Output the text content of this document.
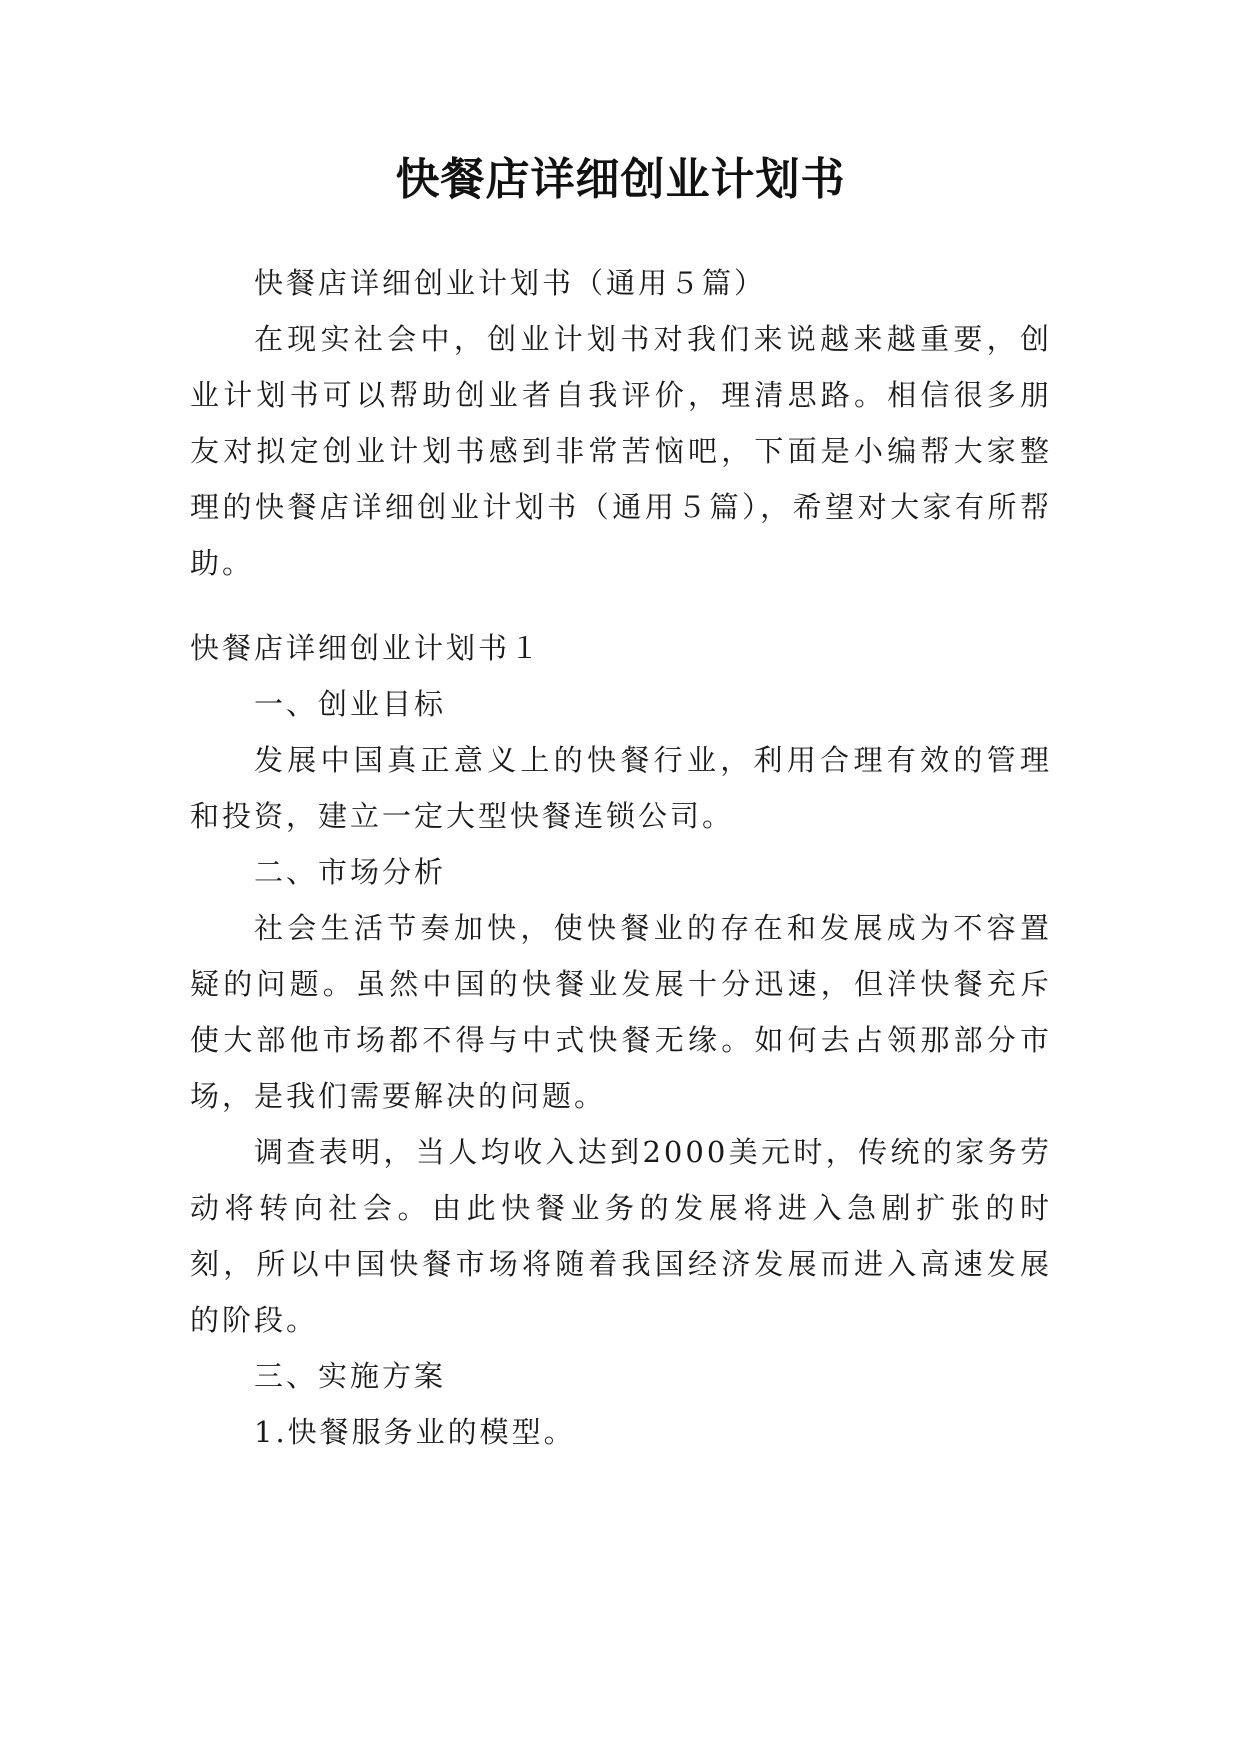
快餐店详细创业计划书

快餐店详细创业计划书（通用５篇）

在现实社会中，创业计划书对我们来说越来越重要，创业计划书可以帮助创业者自我评价，理清思路。相信很多朋友对拟定创业计划书感到非常苦恼吧，下面是小编帮大家整理的快餐店详细创业计划书（通用５篇），希望对大家有所帮助。

快餐店详细创业计划书１

一、创业目标

发展中国真正意义上的快餐行业，利用合理有效的管理和投资，建立一定大型快餐连锁公司。

二、市场分析

社会生活节奏加快，使快餐业的存在和发展成为不容置疑的问题。虽然中国的快餐业发展十分迅速，但洋快餐充斥使大部他市场都不得与中式快餐无缘。如何去占领那部分市场，是我们需要解决的问题。

调查表明，当人均收入达到2000美元时，传统的家务劳动将转向社会。由此快餐业务的发展将进入急剧扩张的时刻，所以中国快餐市场将随着我国经济发展而进入高速发展的阶段。

三、实施方案

1.快餐服务业的模型。
